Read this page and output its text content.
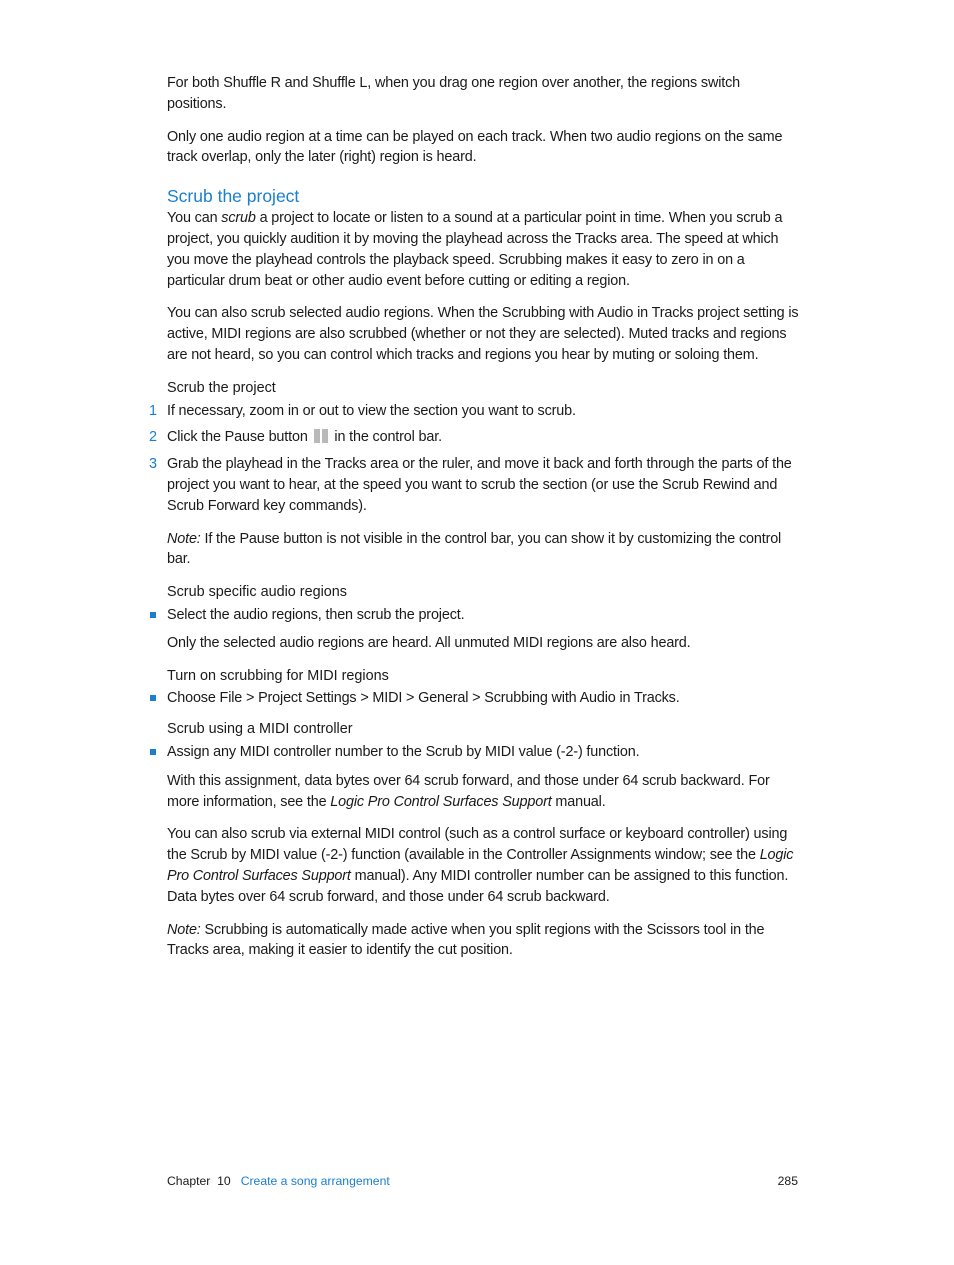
For both Shuffle R and Shuffle L, when you drag one region over another, the regions switch positions.

Only one audio region at a time can be played on each track. When two audio regions on the same track overlap, only the later (right) region is heard.

Scrub the project

You can scrub a project to locate or listen to a sound at a particular point in time. When you scrub a project, you quickly audition it by moving the playhead across the Tracks area. The speed at which you move the playhead controls the playback speed. Scrubbing makes it easy to zero in on a particular drum beat or other audio event before cutting or editing a region.

You can also scrub selected audio regions. When the Scrubbing with Audio in Tracks project setting is active, MIDI regions are also scrubbed (whether or not they are selected). Muted tracks and regions are not heard, so you can control which tracks and regions you hear by muting or soloing them.

Scrub the project
1 If necessary, zoom in or out to view the section you want to scrub.
2 Click the Pause button
in the control bar.
3 Grab the playhead in the Tracks area or the ruler, and move it back and forth through the parts of the project you want to hear, at the speed you want to scrub the section (or use the Scrub Rewind and Scrub Forward key commands).

Note: If the Pause button is not visible in the control bar, you can show it by customizing the control bar.

Scrub specific audio regions
Select the audio regions, then scrub the project.

Only the selected audio regions are heard. All unmuted MIDI regions are also heard.

Turn on scrubbing for MIDI regions
Choose File > Project Settings > MIDI > General > Scrubbing with Audio in Tracks.
Scrub using a MIDI controller
Assign any MIDI controller number to the Scrub by MIDI value (-2-) function.

With this assignment, data bytes over 64 scrub forward, and those under 64 scrub backward. For more information, see the Logic Pro Control Surfaces Support manual.

You can also scrub via external MIDI control (such as a control surface or keyboard controller) using the Scrub by MIDI value (-2-) function (available in the Controller Assignments window; see the Logic Pro Control Surfaces Support manual). Any MIDI controller number can be assigned to this function. Data bytes over 64 scrub forward, and those under 64 scrub backward.

Note: Scrubbing is automatically made active when you split regions with the Scissors tool in the Tracks area, making it easier to identify the cut position.

Chapter  10 Create a song arrangement	285
